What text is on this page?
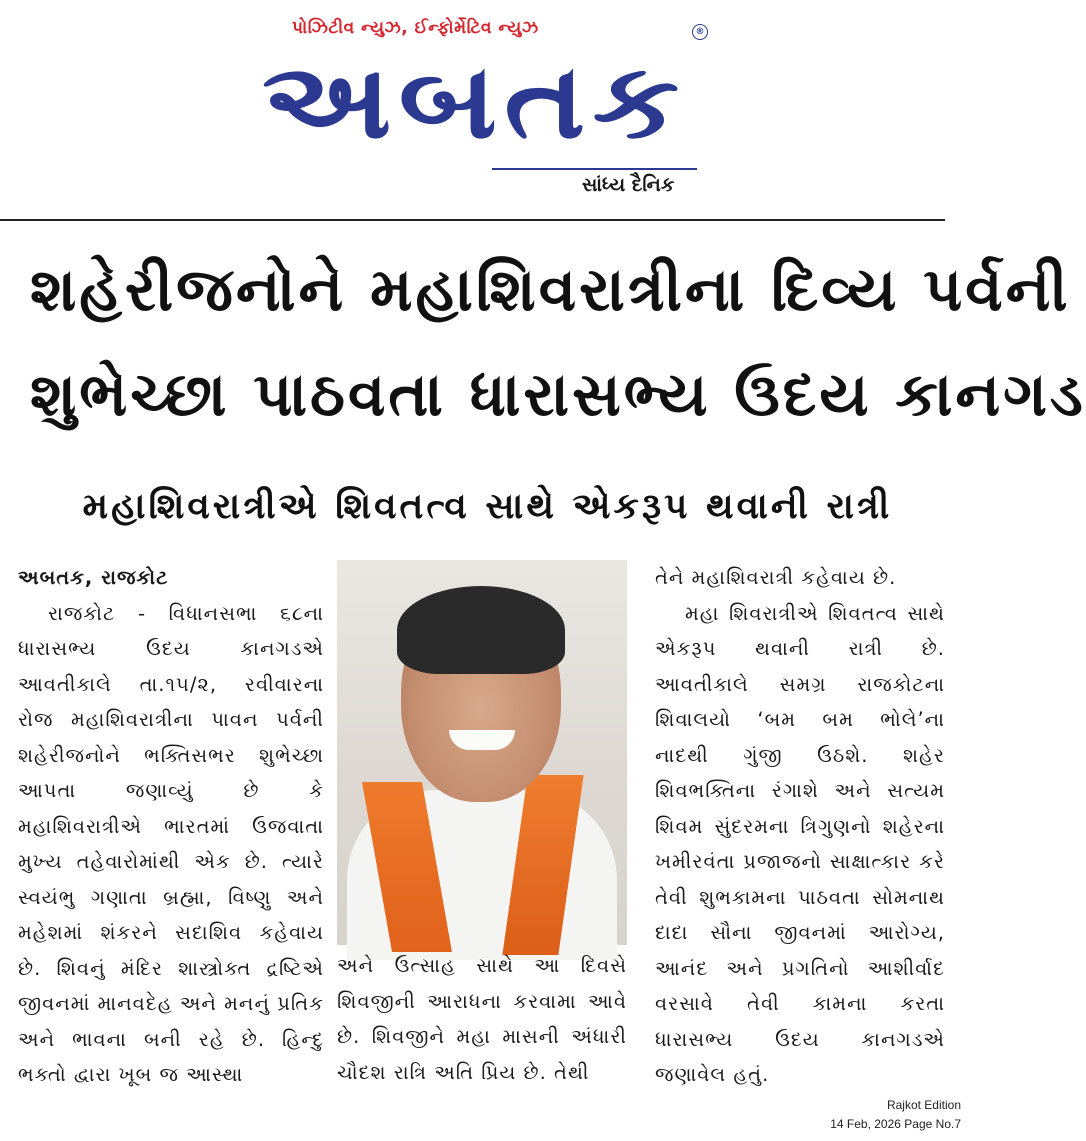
પોઝિટીવ ન્યુઝ, ઈન્ફોર્મેટિવ ન્યુઝ	®
અબતક
સાંધ્ય દૈનિક
શહેરીજનોને મહાશિવરાત્રીના દિવ્ય પર્વની
શુભેચ્છા પાઠવતા ધારાસભ્ય ઉદય કાનગડ
મહાશિવરાત્રીએ શિવતત્વ સાથે એકરૂપ થવાની રાત્રી
અબતક, રાજકોટ

રાજકોટ - વિધાનસભા ૬૮ના ધારાસભ્ય ઉદય કાનગડએ આવતીકાલે તા.૧૫/૨, રવીવારના રોજ મહાશિવરાત્રીના પાવન પર્વની શહેરીજનોને ભક્તિસભર શુભેચ્છા આપતા જણાવ્યું છે કે મહાશિવરાત્રીએ ભારતમાં ઉજવાતા મુખ્ય તહેવારોમાંથી એક છે. ત્યારે સ્વયંભુ ગણાતા બ્રહ્મા, વિષ્ણુ અને મહેશમાં શંકરને સદાશિવ કહેવાય છે. શિવનું મંદિર શાસ્ત્રોક્ત દ્રષ્ટિએ જીવનમાં માનવદેહ અને મનનું પ્રતિક અને ભાવના બની રહે છે. હિન્દુ ભક્તો દ્વારા ખૂબ જ આસ્થા

અને ઉત્સાહ સાથે આ દિવસે શિવજીની આરાધના કરવામા આવે છે. શિવજીને મહા માસની અંધારી ચૌદશ રાત્રિ અતિ પ્રિય છે. તેથી

તેને મહાશિવરાત્રી કહેવાય છે.

મહા શિવરાત્રીએ શિવતત્વ સાથે એકરૂપ થવાની રાત્રી છે. આવતીકાલે સમગ્ર રાજકોટના શિવાલયો ‘બમ બમ ભોલે’ના નાદથી ગુંજી ઉઠશે. શહેર શિવભક્તિના રંગાશે અને સત્યમ શિવમ સુંદરમના ત્રિગુણનો શહેરના ખમીરવંતા પ્રજાજનો સાક્ષાત્કાર કરે તેવી શુભકામના પાઠવતા સોમનાથ દાદા સૌના જીવનમાં આરોગ્ય, આનંદ અને પ્રગતિનો આશીર્વાદ વરસાવે તેવી કામના કરતા ધારાસભ્ય ઉદય કાનગડએ જણાવેલ હતું.

Rajkot Edition
14 Feb, 2026 Page No.7
